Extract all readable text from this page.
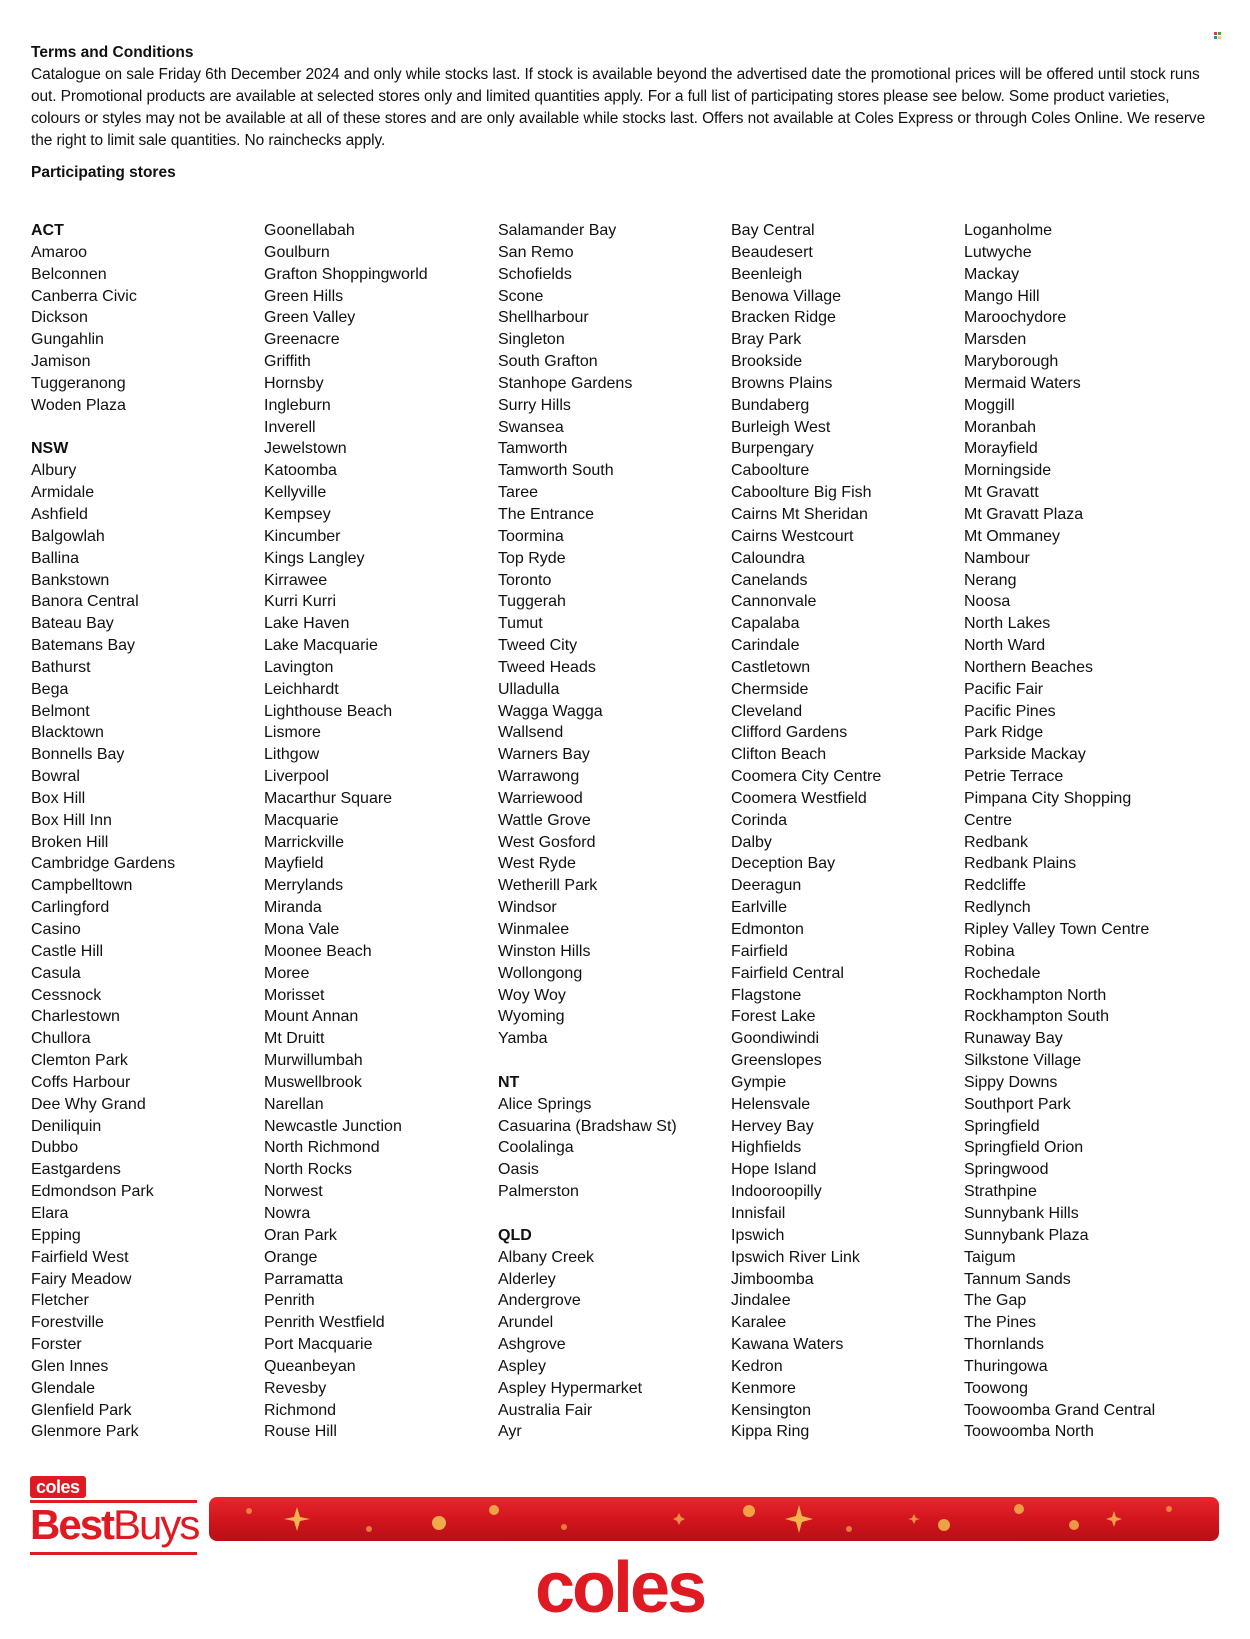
Terms and Conditions
Catalogue on sale Friday 6th December 2024 and only while stocks last. If stock is available beyond the advertised date the promotional prices will be offered until stock runs out. Promotional products are available at selected stores only and limited quantities apply. For a full list of participating stores please see below. Some product varieties, colours or styles may not be available at all of these stores and are only available while stocks last. Offers not available at Coles Express or through Coles Online. We reserve the right to limit sale quantities. No rainchecks apply.
Participating stores
ACT
Amaroo
Belconnen
Canberra Civic
Dickson
Gungahlin
Jamison
Tuggeranong
Woden Plaza
NSW
Albury
Armidale
Ashfield
Balgowlah
Ballina
Bankstown
Banora Central
Bateau Bay
Batemans Bay
Bathurst
Bega
Belmont
Blacktown
Bonnells Bay
Bowral
Box Hill
Box Hill Inn
Broken Hill
Cambridge Gardens
Campbelltown
Carlingford
Casino
Castle Hill
Casula
Cessnock
Charlestown
Chullora
Clemton Park
Coffs Harbour
Dee Why Grand
Deniliquin
Dubbo
Eastgardens
Edmondson Park
Elara
Epping
Fairfield West
Fairy Meadow
Fletcher
Forestville
Forster
Glen Innes
Glendale
Glenfield Park
Glenmore Park
Goonellabah
Goulburn
Grafton Shoppingworld
Green Hills
Green Valley
Greenacre
Griffith
Hornsby
Ingleburn
Inverell
Jewelstown
Katoomba
Kellyville
Kempsey
Kincumber
Kings Langley
Kirrawee
Kurri Kurri
Lake Haven
Lake Macquarie
Lavington
Leichhardt
Lighthouse Beach
Lismore
Lithgow
Liverpool
Macarthur Square
Macquarie
Marrickville
Mayfield
Merrylands
Miranda
Mona Vale
Moonee Beach
Moree
Morisset
Mount Annan
Mt Druitt
Murwillumbah
Muswellbrook
Narellan
Newcastle Junction
North Richmond
North Rocks
Norwest
Nowra
Oran Park
Orange
Parramatta
Penrith
Penrith Westfield
Port Macquarie
Queanbeyan
Revesby
Richmond
Rouse Hill
Salamander Bay
San Remo
Schofields
Scone
Shellharbour
Singleton
South Grafton
Stanhope Gardens
Surry Hills
Swansea
Tamworth
Tamworth South
Taree
The Entrance
Toormina
Top Ryde
Toronto
Tuggerah
Tumut
Tweed City
Tweed Heads
Ulladulla
Wagga Wagga
Wallsend
Warners Bay
Warrawong
Warriewood
Wattle Grove
West Gosford
West Ryde
Wetherill Park
Windsor
Winmalee
Winston Hills
Wollongong
Woy Woy
Wyoming
Yamba
NT
Alice Springs
Casuarina (Bradshaw St)
Coolalinga
Oasis
Palmerston
QLD
Albany Creek
Alderley
Andergrove
Arundel
Ashgrove
Aspley
Aspley Hypermarket
Australia Fair
Ayr
Bay Central
Beaudesert
Beenleigh
Benowa Village
Bracken Ridge
Bray Park
Brookside
Browns Plains
Bundaberg
Burleigh West
Burpengary
Caboolture
Caboolture Big Fish
Cairns Mt Sheridan
Cairns Westcourt
Caloundra
Canelands
Cannonvale
Capalaba
Carindale
Castletown
Chermside
Cleveland
Clifford Gardens
Clifton Beach
Coomera City Centre
Coomera Westfield
Corinda
Dalby
Deception Bay
Deeragun
Earlville
Edmonton
Fairfield
Fairfield Central
Flagstone
Forest Lake
Goondiwindi
Greenslopes
Gympie
Helensvale
Hervey Bay
Highfields
Hope Island
Indooroopilly
Innisfail
Ipswich
Ipswich River Link
Jimboomba
Jindalee
Karalee
Kawana Waters
Kedron
Kenmore
Kensington
Kippa Ring
Loganholme
Lutwyche
Mackay
Mango Hill
Maroochydore
Marsden
Maryborough
Mermaid Waters
Moggill
Moranbah
Morayfield
Morningside
Mt Gravatt
Mt Gravatt Plaza
Mt Ommaney
Nambour
Nerang
Noosa
North Lakes
North Ward
Northern Beaches
Pacific Fair
Pacific Pines
Park Ridge
Parkside Mackay
Petrie Terrace
Pimpana City Shopping
Centre
Redbank
Redbank Plains
Redcliffe
Redlynch
Ripley Valley Town Centre
Robina
Rochedale
Rockhampton North
Rockhampton South
Runaway Bay
Silkstone Village
Sippy Downs
Southport Park
Springfield
Springfield Orion
Springwood
Strathpine
Sunnybank Hills
Sunnybank Plaza
Taigum
Tannum Sands
The Gap
The Pines
Thornlands
Thuringowa
Toowong
Toowoomba Grand Central
Toowoomba North
coles
BestBuys
coles
